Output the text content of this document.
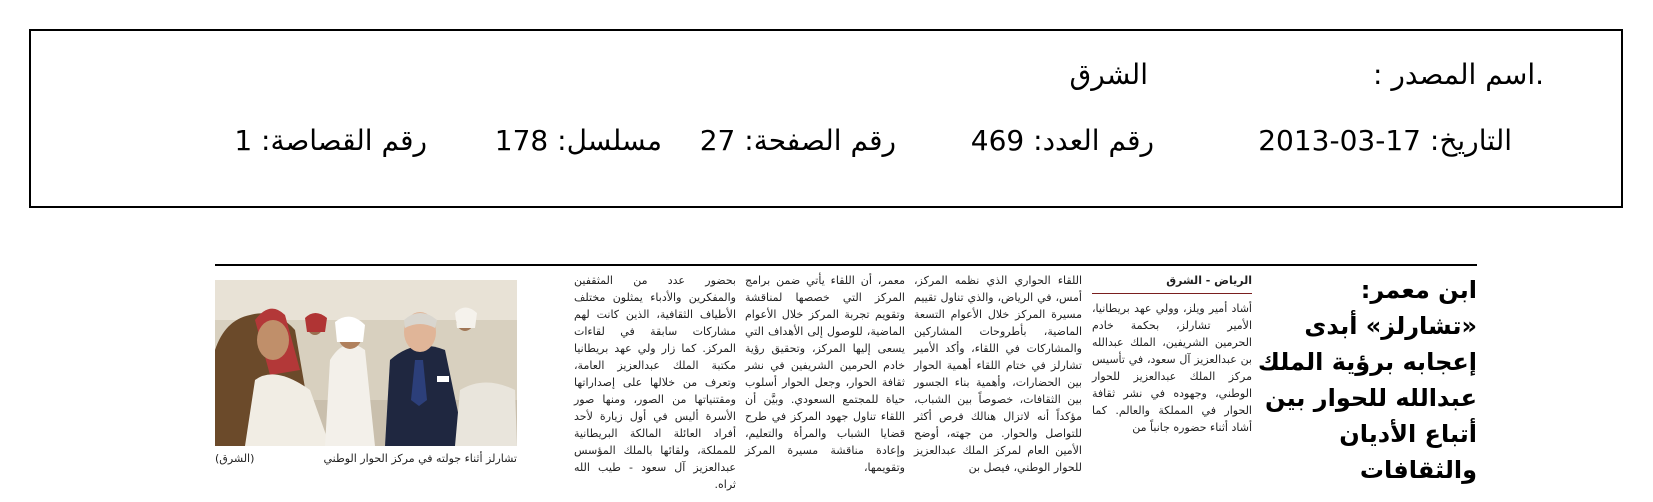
.اسم المصدر :
الشرق
التاريخ: 17-03-2013
رقم العدد: 469
رقم الصفحة: 27
مسلسل: 178
رقم القصاصة: 1
ابن معمر: «تشارلز» أبدى إعجابه برؤية الملك عبدالله للحوار بين أتباع الأديان والثقافات
الرياض - الشرق

أشاد أمير ويلز، وولي عهد بريطانيا، الأمير تشارلز، بحكمة خادم الحرمين الشريفين، الملك عبدالله بن عبدالعزيز آل سعود، في تأسيس مركز الملك عبدالعزيز للحوار الوطني، وجهوده في نشر ثقافة الحوار في المملكة والعالم. كما أشاد أثناء حضوره جانباً من

اللقاء الحواري الذي نظمه المركز، أمس، في الرياض، والذي تناول تقييم مسيرة المركز خلال الأعوام التسعة الماضية، بأطروحات المشاركين والمشاركات في اللقاء، وأكد الأمير تشارلز في ختام اللقاء أهمية الحوار بين الحضارات، وأهمية بناء الجسور بين الثقافات، خصوصاً بين الشباب، مؤكداً أنه لاتزال هنالك فرص أكثر للتواصل والحوار. من جهته، أوضح الأمين العام لمركز الملك عبدالعزيز للحوار الوطني، فيصل بن

معمر، أن اللقاء يأتي ضمن برامج المركز التي خصصها لمناقشة وتقويم تجربة المركز خلال الأعوام الماضية، للوصول إلى الأهداف التي يسعى إليها المركز، وتحقيق رؤية خادم الحرمين الشريفين في نشر ثقافة الحوار، وجعل الحوار أسلوب حياة للمجتمع السعودي. وبيَّن أن اللقاء تناول جهود المركز في طرح قضايا الشباب والمرأة والتعليم، وإعادة مناقشة مسيرة المركز وتقويمها،

بحضور عدد من المثقفين والمفكرين والأدباء يمثلون مختلف الأطياف الثقافية، الذين كانت لهم مشاركات سابقة في لقاءات المركز. كما زار ولي عهد بريطانيا مكتبة الملك عبدالعزيز العامة، وتعرف من خلالها على إصداراتها ومقتنياتها من الصور، ومنها صور الأسرة أليس في أول زيارة لأحد أفراد العائلة المالكة البريطانية للمملكة، ولقائها بالملك المؤسس عبدالعزيز آل سعود - طيب الله ثراه.

تشارلز أثناء جولته في مركز الحوار الوطني
(الشرق)
